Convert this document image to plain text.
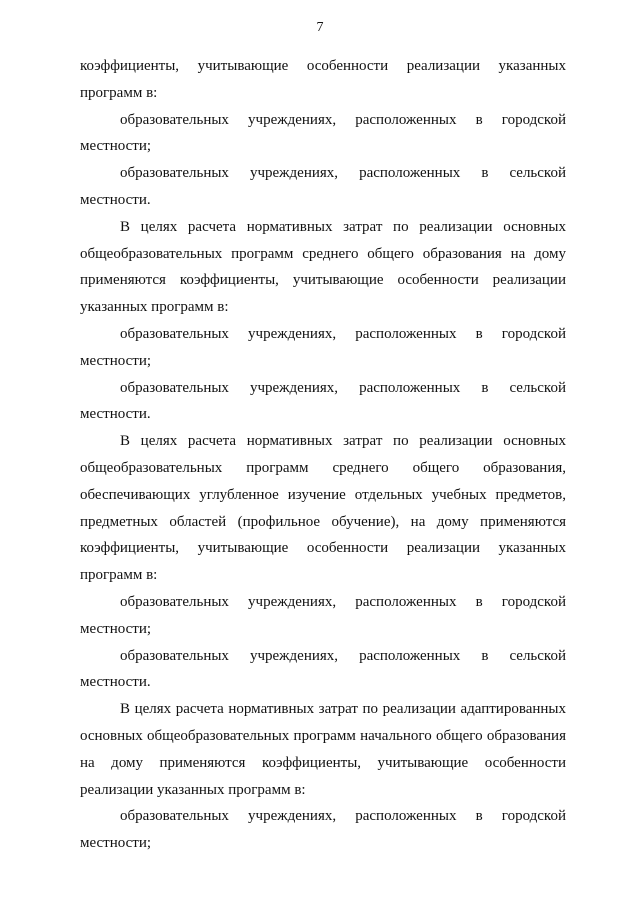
7
коэффициенты, учитывающие особенности реализации указанных
программ в:
образовательных учреждениях, расположенных в городской
местности;
образовательных учреждениях, расположенных в сельской
местности.
В целях расчета нормативных затрат по реализации основных
общеобразовательных программ среднего общего образования на дому
применяются коэффициенты, учитывающие особенности реализации
указанных программ в:
образовательных учреждениях, расположенных в городской
местности;
образовательных учреждениях, расположенных в сельской
местности.
В целях расчета нормативных затрат по реализации основных
общеобразовательных программ среднего общего образования,
обеспечивающих углубленное изучение отдельных учебных предметов,
предметных областей (профильное обучение), на дому применяются
коэффициенты, учитывающие особенности реализации указанных
программ в:
образовательных учреждениях, расположенных в городской
местности;
образовательных учреждениях, расположенных в сельской
местности.
В целях расчета нормативных затрат по реализации адаптированных
основных общеобразовательных программ начального общего образования
на дому применяются коэффициенты, учитывающие особенности
реализации указанных программ в:
образовательных учреждениях, расположенных в городской
местности;
